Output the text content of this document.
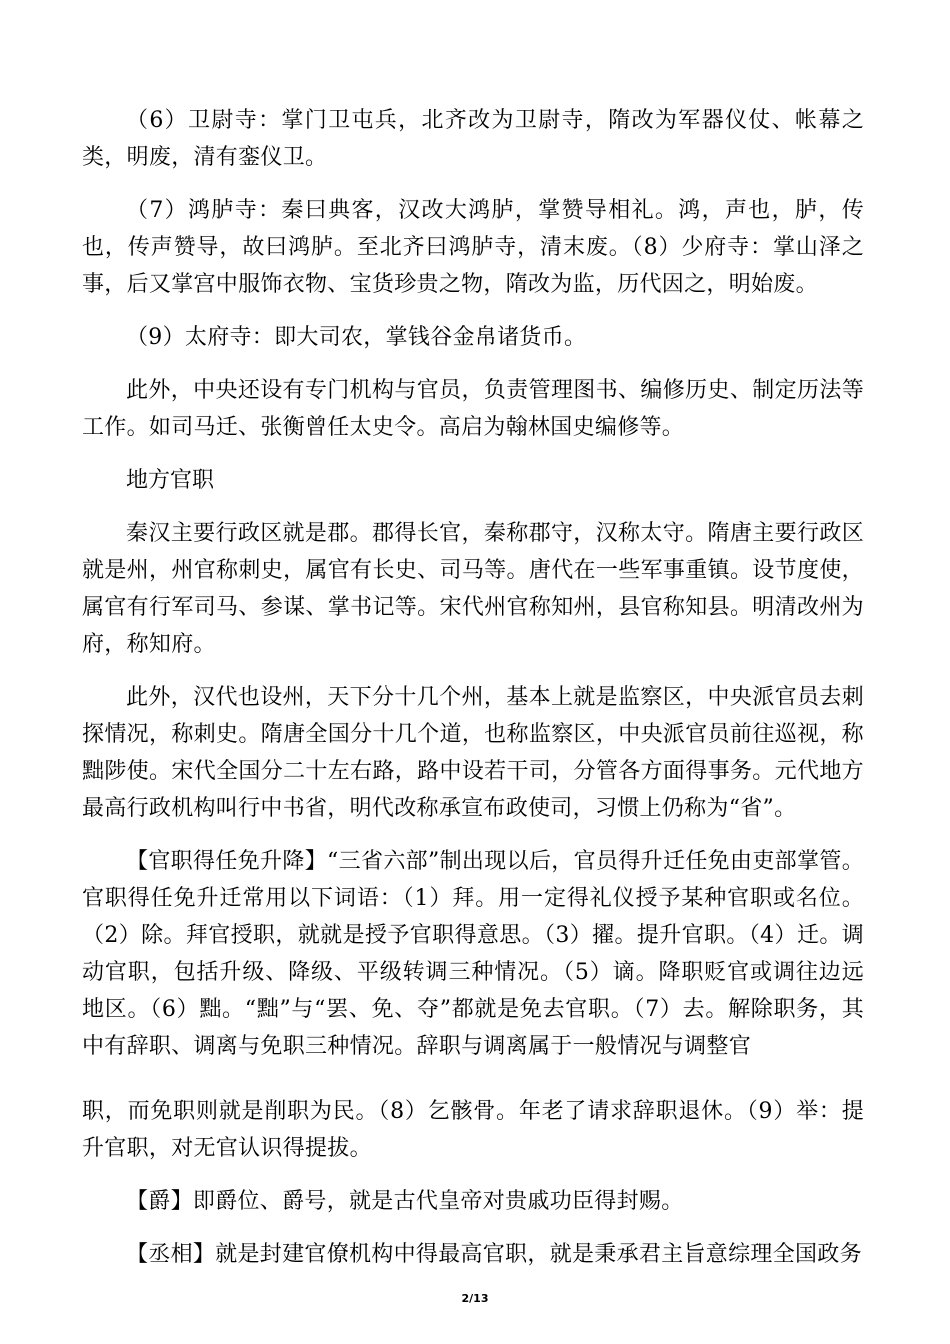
（6）卫尉寺：掌门卫屯兵，北齐改为卫尉寺，隋改为军器仪仗、帐幕之类，明废，清有銮仪卫。

（7）鸿胪寺：秦曰典客，汉改大鸿胪，掌赞导相礼。鸿，声也，胪，传也，传声赞导，故曰鸿胪。至北齐曰鸿胪寺，清末废。（8）少府寺：掌山泽之事，后又掌宫中服饰衣物、宝货珍贵之物，隋改为监，历代因之，明始废。

（9）太府寺：即大司农，掌钱谷金帛诸货币。

此外，中央还设有专门机构与官员，负责管理图书、编修历史、制定历法等工作。如司马迁、张衡曾任太史令。高启为翰林国史编修等。

地方官职

秦汉主要行政区就是郡。郡得长官，秦称郡守，汉称太守。隋唐主要行政区就是州，州官称刺史，属官有长史、司马等。唐代在一些军事重镇。设节度使，属官有行军司马、参谋、掌书记等。宋代州官称知州，县官称知县。明清改州为府，称知府。

此外，汉代也设州，天下分十几个州，基本上就是监察区，中央派官员去刺探情况，称刺史。隋唐全国分十几个道，也称监察区，中央派官员前往巡视，称黜陟使。宋代全国分二十左右路，路中设若干司，分管各方面得事务。元代地方最高行政机构叫行中书省，明代改称承宣布政使司，习惯上仍称为“省”。

【官职得任免升降】“三省六部”制出现以后，官员得升迁任免由吏部掌管。官职得任免升迁常用以下词语：（1）拜。用一定得礼仪授予某种官职或名位。（2）除。拜官授职，就就是授予官职得意思。（3）擢。提升官职。（4）迁。调动官职，包括升级、降级、平级转调三种情况。（5）谪。降职贬官或调往边远地区。（6）黜。“黜”与“罢、免、夺”都就是免去官职。（7）去。解除职务，其中有辞职、调离与免职三种情况。辞职与调离属于一般情况与调整官

职，而免职则就是削职为民。（8）乞骸骨。年老了请求辞职退休。（9）举：提升官职，对无官认识得提拔。

【爵】即爵位、爵号，就是古代皇帝对贵戚功臣得封赐。

【丞相】就是封建官僚机构中得最高官职，就是秉承君主旨意综理全国政务

2/13
